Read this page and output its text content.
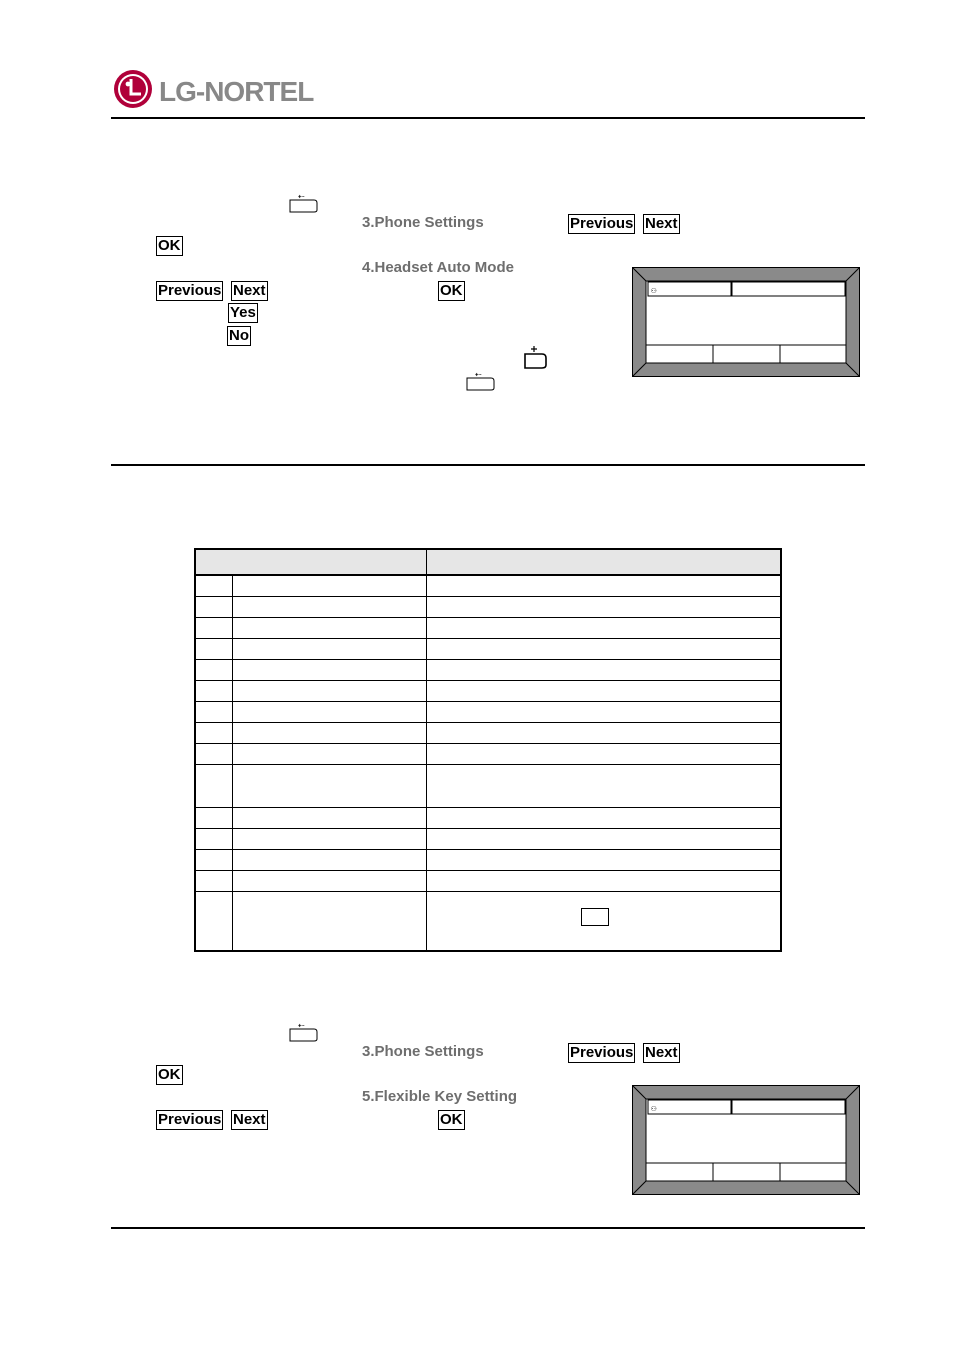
LG-NORTEL
⇠
3.Phone Settings	Previous Next
OK
4.Headset Auto Mode
Previous Next	OK
Yes
No
⇠
⚇

⇠
3.Phone Settings	Previous Next
OK
5.Flexible Key Setting
Previous Next	OK
⚇
